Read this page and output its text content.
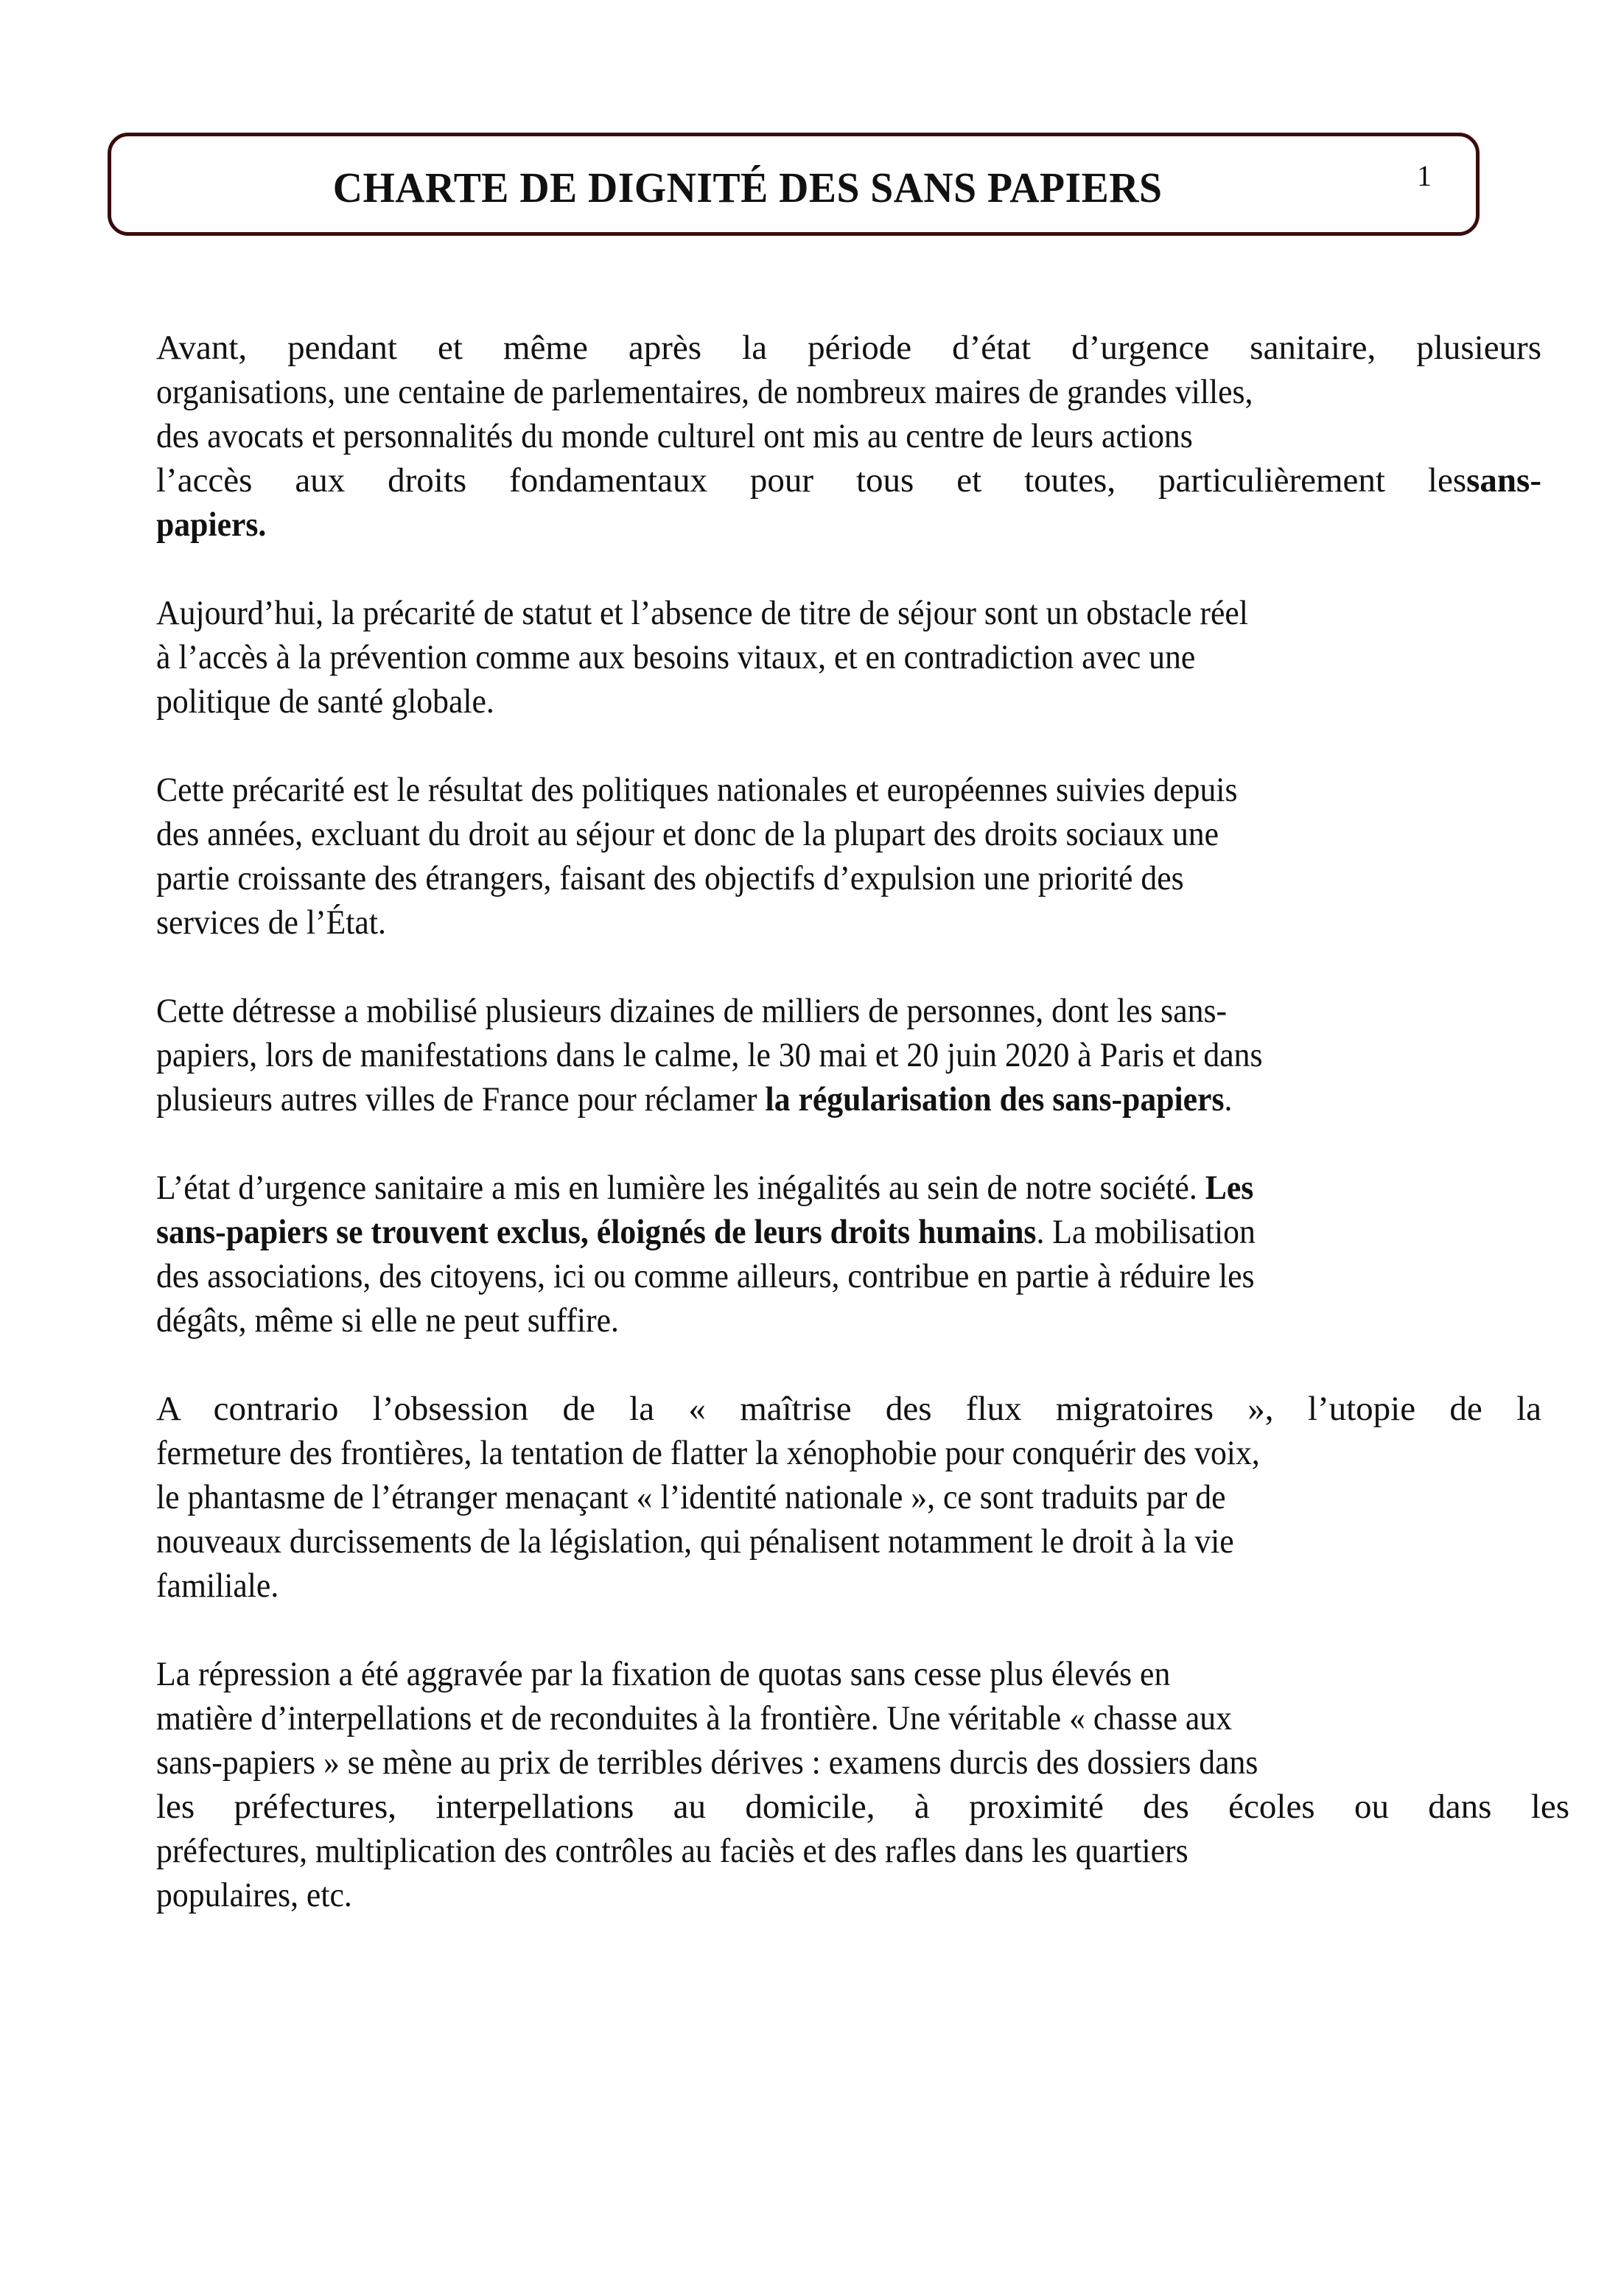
CHARTE DE DIGNITÉ DES SANS PAPIERS	1

Avant, pendant et même après la période d’état d’urgence sanitaire, plusieurs
organisations, une centaine de parlementaires, de nombreux maires de grandes villes,
des avocats et personnalités du monde culturel ont mis au centre de leurs actions
l’accès aux droits fondamentaux pour tous et toutes, particulièrement lessans-
papiers.

Aujourd’hui, la précarité de statut et l’absence de titre de séjour sont un obstacle réel
à l’accès à la prévention comme aux besoins vitaux, et en contradiction avec une
politique de santé globale.

Cette précarité est le résultat des politiques nationales et européennes suivies depuis
des années, excluant du droit au séjour et donc de la plupart des droits sociaux une
partie croissante des étrangers, faisant des objectifs d’expulsion une priorité des
services de l’État.

Cette détresse a mobilisé plusieurs dizaines de milliers de personnes, dont les sans-
papiers, lors de manifestations dans le calme, le 30 mai et 20 juin 2020 à Paris et dans
plusieurs autres villes de France pour réclamer la régularisation des sans-papiers.

L’état d’urgence sanitaire a mis en lumière les inégalités au sein de notre société. Les
sans-papiers se trouvent exclus, éloignés de leurs droits humains. La mobilisation
des associations, des citoyens, ici ou comme ailleurs, contribue en partie à réduire les
dégâts, même si elle ne peut suffire.

A contrario l’obsession de la « maîtrise des flux migratoires », l’utopie de la
fermeture des frontières, la tentation de flatter la xénophobie pour conquérir des voix,
le phantasme de l’étranger menaçant « l’identité nationale », ce sont traduits par de
nouveaux durcissements de la législation, qui pénalisent notamment le droit à la vie
familiale.

La répression a été aggravée par la fixation de quotas sans cesse plus élevés en
matière d’interpellations et de reconduites à la frontière. Une véritable « chasse aux
sans-papiers » se mène au prix de terribles dérives : examens durcis des dossiers dans
les préfectures, interpellations au domicile, à proximité des écoles ou dans les
préfectures, multiplication des contrôles au faciès et des rafles dans les quartiers
populaires, etc.
